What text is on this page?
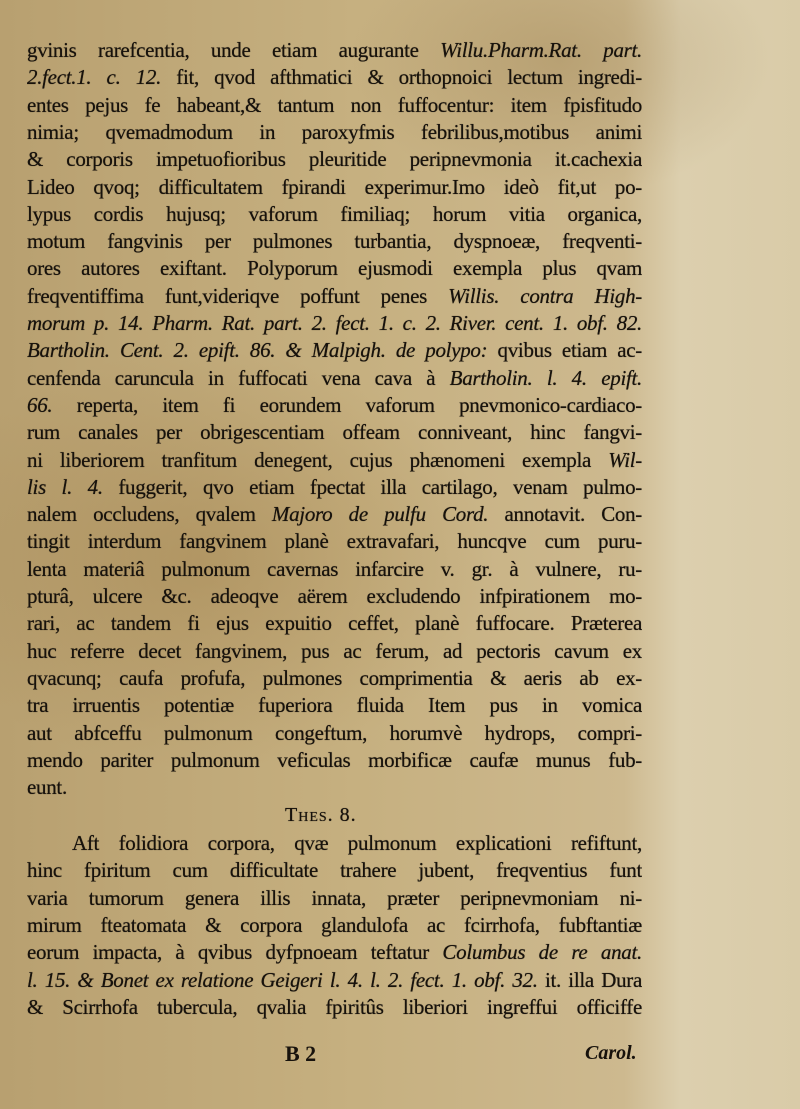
gvinis rarefcentia, unde etiam augurante Willu.Pharm.Rat. part.
2.fect.1. c. 12. fit, qvod afthmatici & orthopnoici lectum ingredi-
entes pejus fe habeant,& tantum non fuffocentur: item fpisfitudo
nimia; qvemadmodum in paroxyfmis febrilibus,motibus animi
& corporis impetuofioribus pleuritide peripnevmonia it.cachexia
Lideo qvoq; difficultatem fpirandi experimur.Imo ideò fit,ut po-
lypus cordis hujusq; vaforum fimiliaq; horum vitia organica,
motum fangvinis per pulmones turbantia, dyspnoeæ, freqventi-
ores autores exiftant. Polyporum ejusmodi exempla plus qvam
freqventiffima funt,videriqve poffunt penes Willis. contra High-
morum p. 14. Pharm. Rat. part. 2. fect. 1. c. 2. River. cent. 1. obf. 82.
Bartholin. Cent. 2. epift. 86. & Malpigh. de polypo: qvibus etiam ac-
cenfenda caruncula in fuffocati vena cava à Bartholin. l. 4. epift.
66. reperta, item fi eorundem vaforum pnevmonico-cardiaco-
rum canales per obrigescentiam offeam conniveant, hinc fangvi-
ni liberiorem tranfitum denegent, cujus phænomeni exempla Wil-
lis l. 4. fuggerit, qvo etiam fpectat illa cartilago, venam pulmo-
nalem occludens, qvalem Majoro de pulfu Cord. annotavit. Con-
tingit interdum fangvinem planè extravafari, huncqve cum puru-
lenta materiâ pulmonum cavernas infarcire v. gr. à vulnere, ru-
pturâ, ulcere &c. adeoqve aërem excludendo infpirationem mo-
rari, ac tandem fi ejus expuitio ceffet, planè fuffocare. Præterea
huc referre decet fangvinem, pus ac ferum, ad pectoris cavum ex
qvacunq; caufa profufa, pulmones comprimentia & aeris ab ex-
tra irruentis potentiæ fuperiora fluida Item pus in vomica
aut abfceffu pulmonum congeftum, horumvè hydrops, compri-
mendo pariter pulmonum veficulas morbificæ caufæ munus fub-
eunt.
Thes. 8.
Aft folidiora corpora, qvæ pulmonum explicationi refiftunt,
hinc fpiritum cum difficultate trahere jubent, freqventius funt
varia tumorum genera illis innata, præter peripnevmoniam ni-
mirum fteatomata & corpora glandulofa ac fcirrhofa, fubftantiæ
eorum impacta, à qvibus dyfpnoeam teftatur Columbus de re anat.
l. 15. & Bonet ex relatione Geigeri l. 4. l. 2. fect. 1. obf. 32. it. illa Dura
& Scirrhofa tubercula, qvalia fpiritûs liberiori ingreffui officiffe
B 2	Carol.
